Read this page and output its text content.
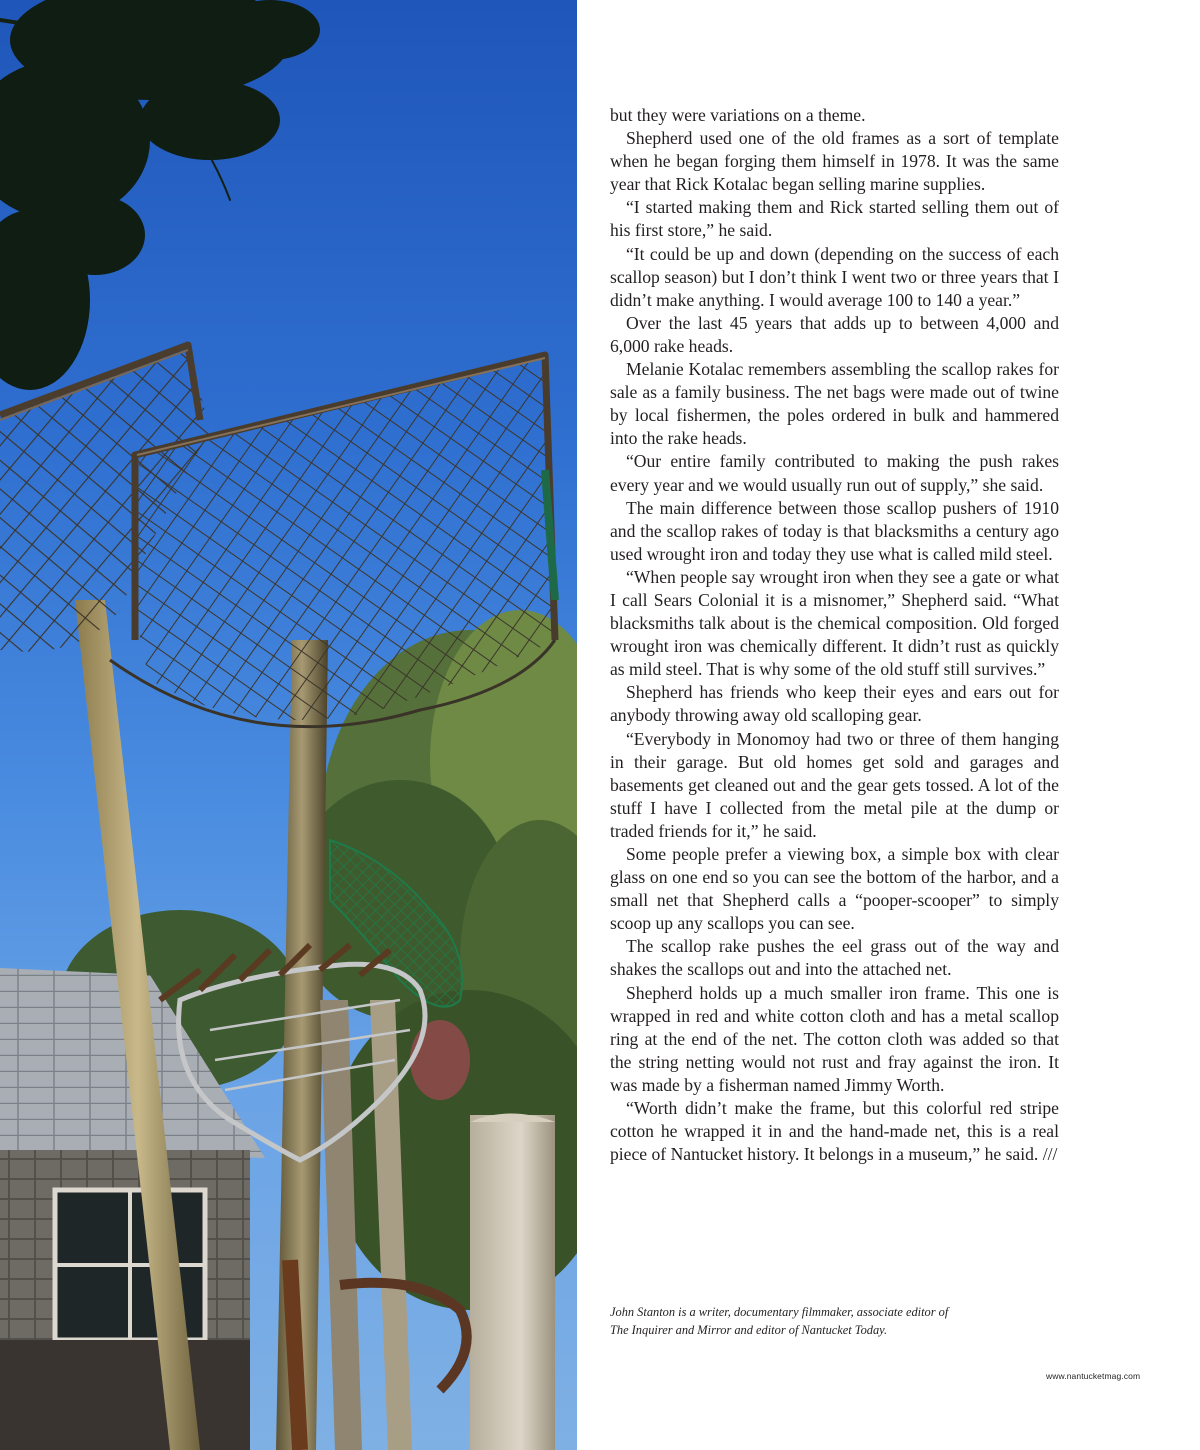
but they were variations on a theme.

Shepherd used one of the old frames as a sort of template when he began forging them himself in 1978. It was the same year that Rick Kotalac began selling marine supplies.

“I started making them and Rick started selling them out of his first store,” he said.

“It could be up and down (depending on the success of each scallop season) but I don’t think I went two or three years that I didn’t make anything. I would average 100 to 140 a year.”

Over the last 45 years that adds up to between 4,000 and 6,000 rake heads.

Melanie Kotalac remembers assembling the scallop rakes for sale as a family business. The net bags were made out of twine by local fishermen, the poles ordered in bulk and hammered into the rake heads.

“Our entire family contributed to making the push rakes every year and we would usually run out of supply,” she said.

The main difference between those scallop pushers of 1910 and the scallop rakes of today is that blacksmiths a century ago used wrought iron and today they use what is called mild steel.

“When people say wrought iron when they see a gate or what I call Sears Colonial it is a misnomer,” Shepherd said. “What blacksmiths talk about is the chemical composition. Old forged wrought iron was chemically different. It didn’t rust as quickly as mild steel. That is why some of the old stuff still survives.”

Shepherd has friends who keep their eyes and ears out for anybody throwing away old scalloping gear.

“Everybody in Monomoy had two or three of them hanging in their garage. But old homes get sold and garages and basements get cleaned out and the gear gets tossed. A lot of the stuff I have I collected from the metal pile at the dump or traded friends for it,” he said.

Some people prefer a viewing box, a simple box with clear glass on one end so you can see the bottom of the harbor, and a small net that Shepherd calls a “pooper-scooper” to simply scoop up any scallops you can see.

The scallop rake pushes the eel grass out of the way and shakes the scallops out and into the attached net.

Shepherd holds up a much smaller iron frame. This one is wrapped in red and white cotton cloth and has a metal scallop ring at the end of the net. The cotton cloth was added so that the string netting would not rust and fray against the iron. It was made by a fisherman named Jimmy Worth.

“Worth didn’t make the frame, but this colorful red stripe cotton he wrapped it in and the hand-made net, this is a real piece of Nantucket history. It belongs in a museum,” he said. ///

John Stanton is a writer, documentary filmmaker, associate editor of
The Inquirer and Mirror and editor of Nantucket Today.
www.nantucketmag.com
